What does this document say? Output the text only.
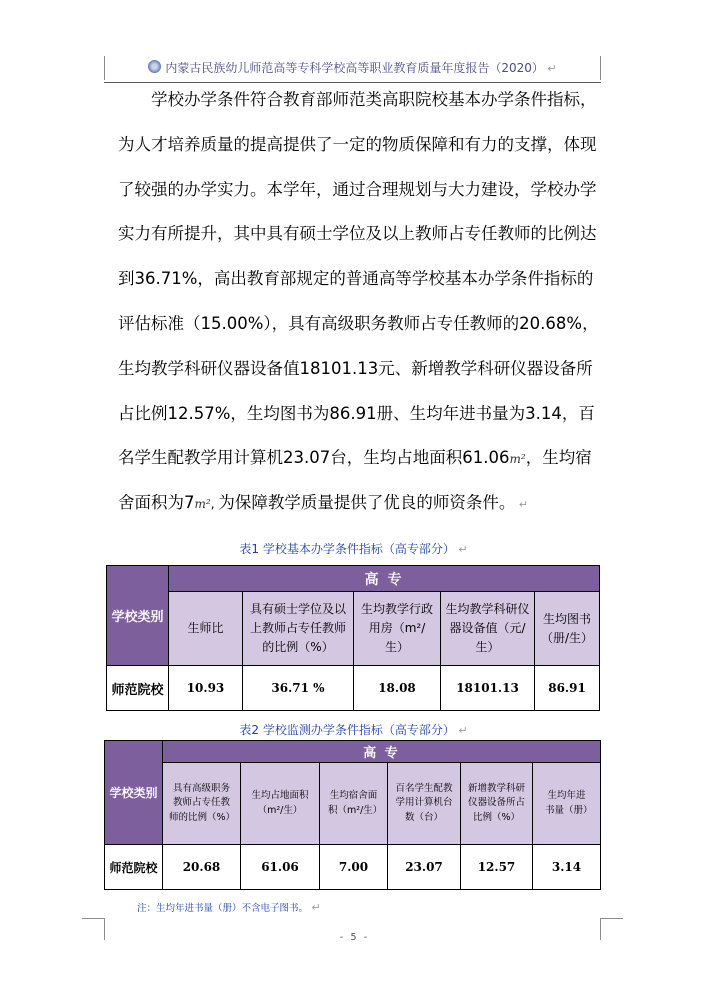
内蒙古民族幼儿师范高等专科学校高等职业教育质量年度报告（2020） ↵
学校办学条件符合教育部师范类高职院校基本办学条件指标，
为人才培养质量的提高提供了一定的物质保障和有力的支撑，体现
了较强的办学实力。本学年，通过合理规划与大力建设，学校办学
实力有所提升，其中具有硕士学位及以上教师占专任教师的比例达
到36.71%，高出教育部规定的普通高等学校基本办学条件指标的
评估标准（15.00%），具有高级职务教师占专任教师的20.68%，
生均教学科研仪器设备值18101.13元、新增教学科研仪器设备所
占比例12.57%，生均图书为86.91册、生均年进书量为3.14，百
名学生配教学用计算机23.07台，生均占地面积61.06m²，生均宿
舍面积为7m², 为保障教学质量提供了优良的师资条件。 ↵
表1 学校基本办学条件指标（高专部分） ↵
学校类别	高 专				
	生师比	具有硕士学位及以上教师占专任教师的比例（%）	生均教学行政用房（m²/生）	生均教学科研仪器设备值（元/生）	生均图书（册/生）
师范院校	10.93	36.71 %	18.08	18101.13	86.91
表2 学校监测办学条件指标（高专部分） ↵
学校类别	高 专					
	具有高级职务教师占专任教师的比例（%）	生均占地面积（m²/生）	生均宿舍面积（m²/生）	百名学生配教学用计算机台数（台）	新增教学科研仪器设备所占比例（%）	生均年进书量（册）
师范院校	20.68	61.06	7.00	23.07	12.57	3.14
注：生均年进书量（册）不含电子图书。 ↵
- 5 -
